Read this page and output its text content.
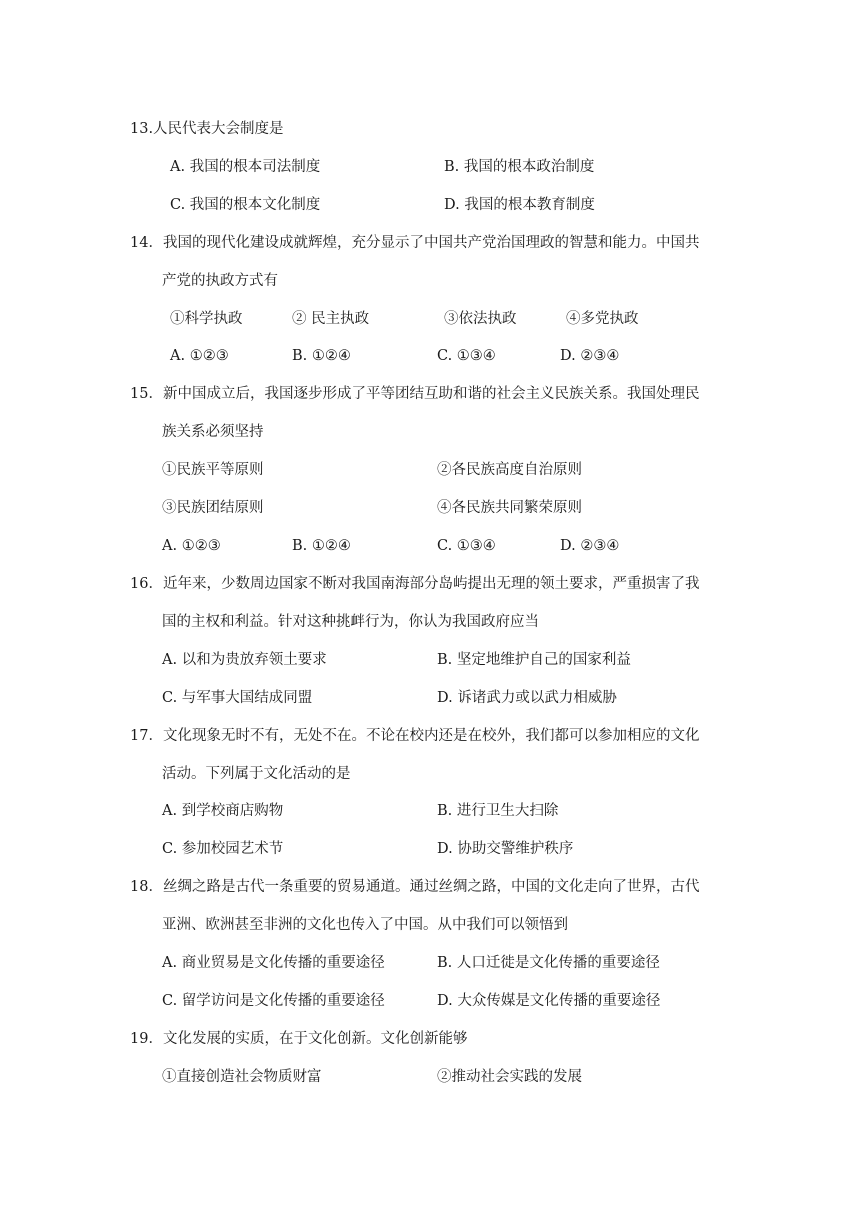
13.人民代表大会制度是
A. 我国的根本司法制度	B. 我国的根本政治制度
C. 我国的根本文化制度	D. 我国的根本教育制度
14．我国的现代化建设成就辉煌，充分显示了中国共产党治国理政的智慧和能力。中国共
产党的执政方式有
①科学执政	② 民主执政	③依法执政	④多党执政
A. ①②③	B. ①②④	C. ①③④	D. ②③④
15．新中国成立后，我国逐步形成了平等团结互助和谐的社会主义民族关系。我国处理民
族关系必须坚持
①民族平等原则	②各民族高度自治原则
③民族团结原则	④各民族共同繁荣原则
A. ①②③	B. ①②④	C. ①③④	D. ②③④
16．近年来，少数周边国家不断对我国南海部分岛屿提出无理的领土要求，严重损害了我
国的主权和利益。针对这种挑衅行为，你认为我国政府应当
A. 以和为贵放弃领土要求	B. 坚定地维护自己的国家利益
C. 与军事大国结成同盟	D. 诉诸武力或以武力相威胁
17．文化现象无时不有，无处不在。不论在校内还是在校外，我们都可以参加相应的文化
活动。下列属于文化活动的是
A. 到学校商店购物	B. 进行卫生大扫除
C. 参加校园艺术节	D. 协助交警维护秩序
18．丝绸之路是古代一条重要的贸易通道。通过丝绸之路，中国的文化走向了世界，古代
亚洲、欧洲甚至非洲的文化也传入了中国。从中我们可以领悟到
A. 商业贸易是文化传播的重要途径	B. 人口迁徙是文化传播的重要途径
C. 留学访问是文化传播的重要途径	D. 大众传媒是文化传播的重要途径
19．文化发展的实质，在于文化创新。文化创新能够
①直接创造社会物质财富	②推动社会实践的发展
